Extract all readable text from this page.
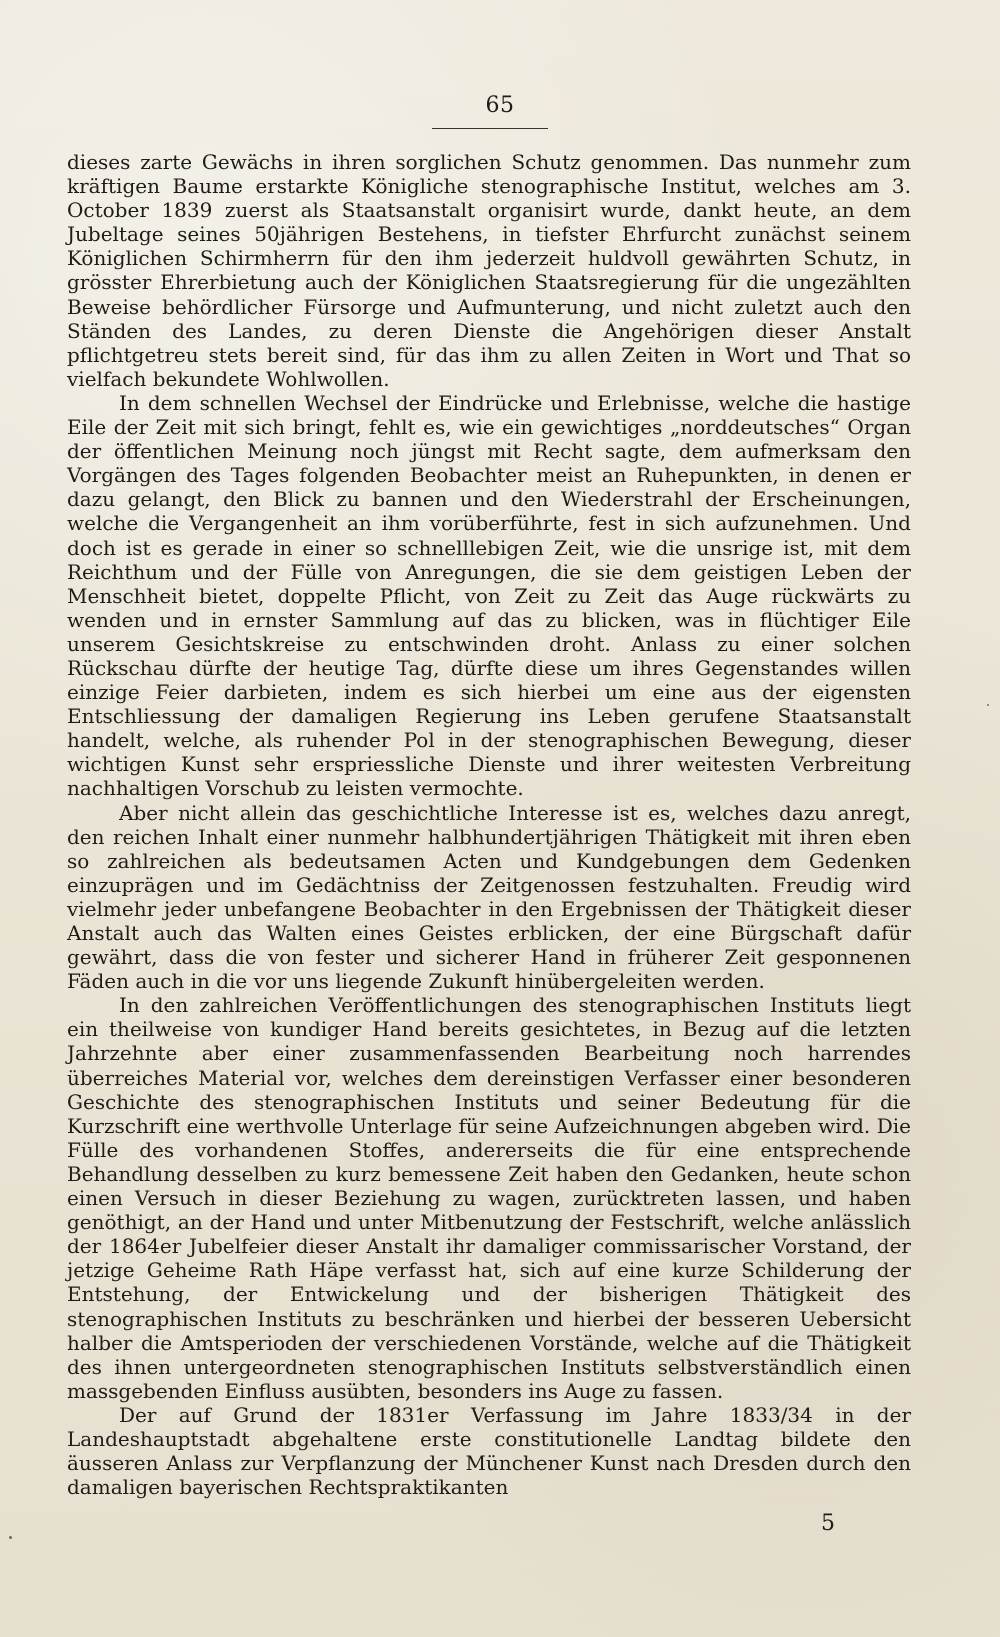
65

dieses zarte Gewächs in ihren sorglichen Schutz genommen. Das nunmehr zum kräftigen Baume erstarkte Königliche stenographische Institut, welches am 3. October 1839 zuerst als Staatsanstalt organisirt wurde, dankt heute, an dem Jubeltage seines 50jährigen Bestehens, in tiefster Ehrfurcht zunächst seinem Königlichen Schirmherrn für den ihm jederzeit huldvoll gewährten Schutz, in grösster Ehrerbietung auch der Königlichen Staatsregierung für die ungezählten Beweise behördlicher Fürsorge und Aufmunterung, und nicht zuletzt auch den Ständen des Landes, zu deren Dienste die Angehörigen dieser Anstalt pflichtgetreu stets bereit sind, für das ihm zu allen Zeiten in Wort und That so vielfach bekundete Wohlwollen.

In dem schnellen Wechsel der Eindrücke und Erlebnisse, welche die hastige Eile der Zeit mit sich bringt, fehlt es, wie ein gewichtiges „norddeutsches“ Organ der öffentlichen Meinung noch jüngst mit Recht sagte, dem aufmerksam den Vorgängen des Tages folgenden Beobachter meist an Ruhepunkten, in denen er dazu gelangt, den Blick zu bannen und den Wiederstrahl der Erscheinungen, welche die Vergangenheit an ihm vorüberführte, fest in sich aufzunehmen. Und doch ist es gerade in einer so schnelllebigen Zeit, wie die unsrige ist, mit dem Reichthum und der Fülle von Anregungen, die sie dem geistigen Leben der Menschheit bietet, doppelte Pflicht, von Zeit zu Zeit das Auge rückwärts zu wenden und in ernster Sammlung auf das zu blicken, was in flüchtiger Eile unserem Gesichtskreise zu entschwinden droht. Anlass zu einer solchen Rückschau dürfte der heutige Tag, dürfte diese um ihres Gegenstandes willen einzige Feier darbieten, indem es sich hierbei um eine aus der eigensten Entschliessung der damaligen Regierung ins Leben gerufene Staatsanstalt handelt, welche, als ruhender Pol in der stenographischen Bewegung, dieser wichtigen Kunst sehr erspriessliche Dienste und ihrer weitesten Verbreitung nachhaltigen Vorschub zu leisten vermochte.

Aber nicht allein das geschichtliche Interesse ist es, welches dazu anregt, den reichen Inhalt einer nunmehr halbhundertjährigen Thätigkeit mit ihren eben so zahlreichen als bedeutsamen Acten und Kundgebungen dem Gedenken einzuprägen und im Gedächtniss der Zeitgenossen festzuhalten. Freudig wird vielmehr jeder unbefangene Beobachter in den Ergebnissen der Thätigkeit dieser Anstalt auch das Walten eines Geistes erblicken, der eine Bürgschaft dafür gewährt, dass die von fester und sicherer Hand in früherer Zeit gesponnenen Fäden auch in die vor uns liegende Zukunft hinübergeleiten werden.

In den zahlreichen Veröffentlichungen des stenographischen Instituts liegt ein theilweise von kundiger Hand bereits gesichtetes, in Bezug auf die letzten Jahrzehnte aber einer zusammenfassenden Bearbeitung noch harrendes überreiches Material vor, welches dem dereinstigen Verfasser einer besonderen Geschichte des stenographischen Instituts und seiner Bedeutung für die Kurzschrift eine werthvolle Unterlage für seine Aufzeichnungen abgeben wird. Die Fülle des vorhandenen Stoffes, andererseits die für eine entsprechende Behandlung desselben zu kurz bemessene Zeit haben den Gedanken, heute schon einen Versuch in dieser Beziehung zu wagen, zurücktreten lassen, und haben genöthigt, an der Hand und unter Mitbenutzung der Festschrift, welche anlässlich der 1864er Jubelfeier dieser Anstalt ihr damaliger commissarischer Vorstand, der jetzige Geheime Rath Häpe verfasst hat, sich auf eine kurze Schilderung der Entstehung, der Entwickelung und der bisherigen Thätigkeit des stenographischen Instituts zu beschränken und hierbei der besseren Uebersicht halber die Amtsperioden der verschiedenen Vorstände, welche auf die Thätigkeit des ihnen untergeordneten stenographischen Instituts selbstverständlich einen massgebenden Einfluss ausübten, besonders ins Auge zu fassen.

Der auf Grund der 1831er Verfassung im Jahre 1833/34 in der Landeshauptstadt abgehaltene erste constitutionelle Landtag bildete den äusseren Anlass zur Verpflanzung der Münchener Kunst nach Dresden durch den damaligen bayerischen Rechtspraktikanten

5
